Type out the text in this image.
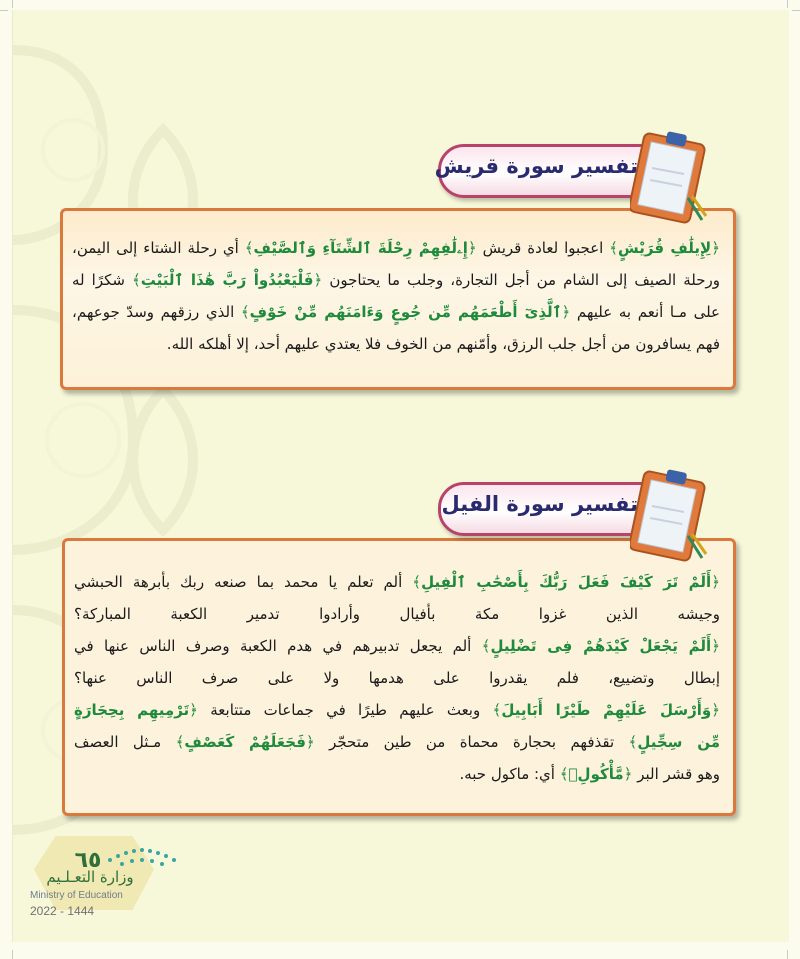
تفسير سورة قريش
﴿لِإِيلَٰفِ قُرَيْشٍ﴾ اعجبوا لعادة قريش ﴿إِۦلَٰفِهِمْ رِحْلَةَ ٱلشِّتَآءِ وَٱلصَّيْفِ﴾ أي رحلة الشتاء إلى اليمن،
ورحلة الصيف إلى الشام من أجل التجارة، وجلب ما يحتاجون ﴿فَلْيَعْبُدُواْ رَبَّ هَٰذَا ٱلْبَيْتِ﴾ شكرًا له
على مـا أنعم به عليهم ﴿ٱلَّذِىٓ أَطْعَمَهُم مِّن جُوعٍ وَءَامَنَهُم مِّنْ خَوْفٍ﴾ الذي رزقهم وسدّ جوعهم،
فهم يسافرون من أجل جلب الرزق، وأمّنهم من الخوف فلا يعتدي عليهم أحد، إلا أهلكه الله.
تفسير سورة الفيل
﴿أَلَمْ تَرَ كَيْفَ فَعَلَ رَبُّكَ بِأَصْحَٰبِ ٱلْفِيلِ﴾ ألم تعلم يا محمد بما صنعه ربك بأبرهة الحبشي
وجيشه الذين غزوا مكة بأفيال وأرادوا تدمير الكعبة المباركة؟
﴿أَلَمْ يَجْعَلْ كَيْدَهُمْ فِى تَضْلِيلٍ﴾ ألم يجعل تدبيرهم في هدم الكعبة وصرف الناس عنها في
إبطال وتضييع، فلم يقدروا على هدمها ولا على صرف الناس عنها؟
﴿وَأَرْسَلَ عَلَيْهِمْ طَيْرًا أَبَابِيلَ﴾ وبعث عليهم طيرًا في جماعات متتابعة ﴿تَرْمِيهِم بِحِجَارَةٍ
مِّن سِجِّيلٍ﴾ تقذفهم بحجارة محماة من طين متحجّر ﴿فَجَعَلَهُمْ كَعَصْفٍ﴾ مـثل العصف
وهو قشر البر ﴿مَّأْكُولِۭ﴾ أي: ماكول حبه.
٦٥
وزارة التعـلـيم
Ministry of Education
2022 - 1444
